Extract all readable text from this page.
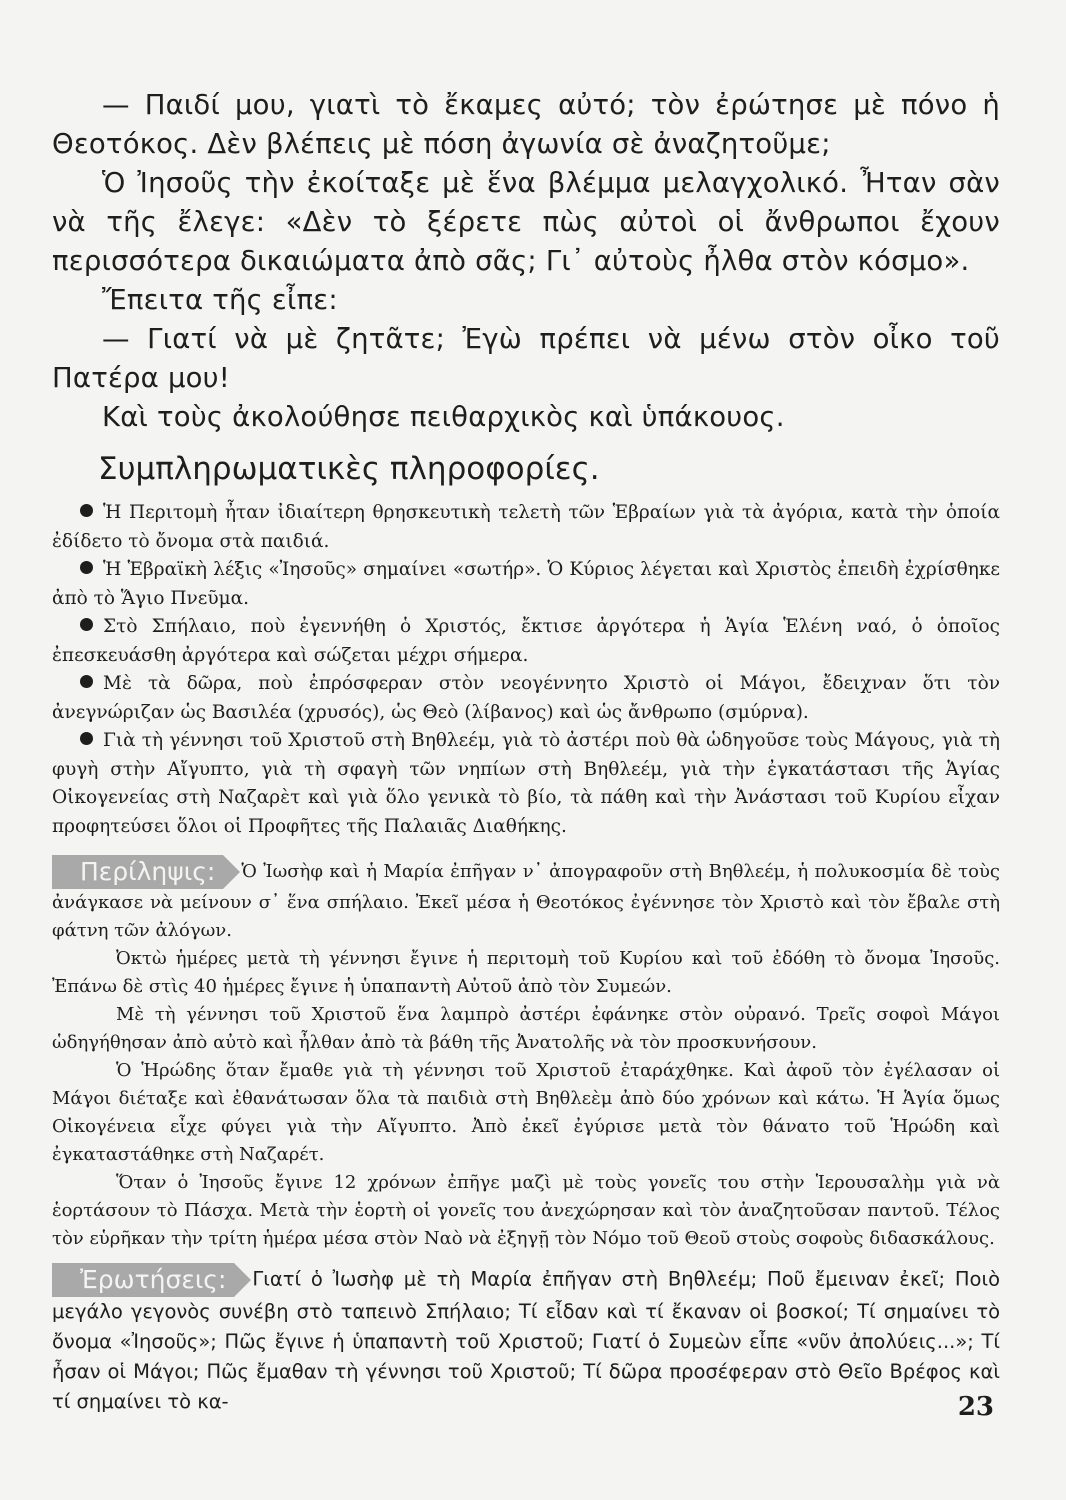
— Παιδί μου, γιατὶ τὸ ἔκαμες αὐτό; τὸν ἐρώτησε μὲ πόνο ἡ Θεοτόκος. Δὲν βλέπεις μὲ πόση ἀγωνία σὲ ἀναζητοῦμε;

Ὁ Ἰησοῦς τὴν ἐκοίταξε μὲ ἕνα βλέμμα μελαγχολικό. Ἦταν σὰν νὰ τῆς ἔλεγε: «Δὲν τὸ ξέρετε πὼς αὐτοὶ οἱ ἄνθρωποι ἔχουν περισσότερα δικαιώματα ἀπὸ σᾶς; Γι᾽ αὐτοὺς ἦλθα στὸν κόσμο».

Ἔπειτα τῆς εἶπε:

— Γιατί νὰ μὲ ζητᾶτε; Ἐγὼ πρέπει νὰ μένω στὸν οἶκο τοῦ Πατέρα μου!

Καὶ τοὺς ἀκολούθησε πειθαρχικὸς καὶ ὑπάκουος.

Συμπληρωματικὲς πληροφορίες.

Ἡ Περιτομὴ ἦταν ἰδιαίτερη θρησκευτικὴ τελετὴ τῶν Ἑβραίων γιὰ τὰ ἀγόρια, κατὰ τὴν ὁποία ἐδίδετο τὸ ὄνομα στὰ παιδιά.

Ἡ Ἑβραϊκὴ λέξις «Ἰησοῦς» σημαίνει «σωτήρ». Ὁ Κύριος λέγεται καὶ Χριστὸς ἐπειδὴ ἐχρίσθηκε ἀπὸ τὸ Ἅγιο Πνεῦμα.

Στὸ Σπήλαιο, ποὺ ἐγεννήθη ὁ Χριστός, ἔκτισε ἀργότερα ἡ Ἁγία Ἑλένη ναό, ὁ ὁποῖος ἐπεσκευάσθη ἀργότερα καὶ σώζεται μέχρι σήμερα.

Μὲ τὰ δῶρα, ποὺ ἐπρόσφεραν στὸν νεογέννητο Χριστὸ οἱ Μάγοι, ἔδειχναν ὅτι τὸν ἀνεγνώριζαν ὡς Βασιλέα (χρυσός), ὡς Θεὸ (λίβανος) καὶ ὡς ἄνθρωπο (σμύρνα).

Γιὰ τὴ γέννησι τοῦ Χριστοῦ στὴ Βηθλεέμ, γιὰ τὸ ἀστέρι ποὺ θὰ ὡδηγοῦσε τοὺς Μάγους, γιὰ τὴ φυγὴ στὴν Αἴγυπτο, γιὰ τὴ σφαγὴ τῶν νηπίων στὴ Βηθλεέμ, γιὰ τὴν ἐγκατάστασι τῆς Ἁγίας Οἰκογενείας στὴ Ναζαρὲτ καὶ γιὰ ὅλο γενικὰ τὸ βίο, τὰ πάθη καὶ τὴν Ἀνάστασι τοῦ Κυρίου εἶχαν προφητεύσει ὅλοι οἱ Προφῆτες τῆς Παλαιᾶς Διαθήκης.

Περίληψις: Ὁ Ἰωσὴφ καὶ ἡ Μαρία ἐπῆγαν ν᾽ ἀπογραφοῦν στὴ Βηθλεέμ, ἡ πολυκοσμία δὲ τοὺς ἀνάγκασε νὰ μείνουν σ᾽ ἕνα σπήλαιο. Ἐκεῖ μέσα ἡ Θεοτόκος ἐγέννησε τὸν Χριστὸ καὶ τὸν ἔβαλε στὴ φάτνη τῶν ἀλόγων.

Ὀκτὼ ἡμέρες μετὰ τὴ γέννησι ἔγινε ἡ περιτομὴ τοῦ Κυρίου καὶ τοῦ ἐδόθη τὸ ὄνομα Ἰησοῦς. Ἐπάνω δὲ στὶς 40 ἡμέρες ἔγινε ἡ ὑπαπαντὴ Αὐτοῦ ἀπὸ τὸν Συμεών.

Μὲ τὴ γέννησι τοῦ Χριστοῦ ἕνα λαμπρὸ ἀστέρι ἐφάνηκε στὸν οὐρανό. Τρεῖς σοφοὶ Μάγοι ὡδηγήθησαν ἀπὸ αὐτὸ καὶ ἦλθαν ἀπὸ τὰ βάθη τῆς Ἀνατολῆς νὰ τὸν προσκυνήσουν.

Ὁ Ἡρώδης ὅταν ἔμαθε γιὰ τὴ γέννησι τοῦ Χριστοῦ ἐταράχθηκε. Καὶ ἀφοῦ τὸν ἐγέλασαν οἱ Μάγοι διέταξε καὶ ἐθανάτωσαν ὅλα τὰ παιδιὰ στὴ Βηθλεὲμ ἀπὸ δύο χρόνων καὶ κάτω. Ἡ Ἁγία ὅμως Οἰκογένεια εἶχε φύγει γιὰ τὴν Αἴγυπτο. Ἀπὸ ἐκεῖ ἐγύρισε μετὰ τὸν θάνατο τοῦ Ἡρώδη καὶ ἐγκαταστάθηκε στὴ Ναζαρέτ.

Ὅταν ὁ Ἰησοῦς ἔγινε 12 χρόνων ἐπῆγε μαζὶ μὲ τοὺς γονεῖς του στὴν Ἱερουσαλὴμ γιὰ νὰ ἑορτάσουν τὸ Πάσχα. Μετὰ τὴν ἑορτὴ οἱ γονεῖς του ἀνεχώρησαν καὶ τὸν ἀναζητοῦσαν παντοῦ. Τέλος τὸν εὑρῆκαν τὴν τρίτη ἡμέρα μέσα στὸν Ναὸ νὰ ἐξηγῇ τὸν Νόμο τοῦ Θεοῦ στοὺς σοφοὺς διδασκάλους.

Ἐρωτήσεις: Γιατί ὁ Ἰωσὴφ μὲ τὴ Μαρία ἐπῆγαν στὴ Βηθλεέμ; Ποῦ ἔμειναν ἐκεῖ; Ποιὸ μεγάλο γεγονὸς συνέβη στὸ ταπεινὸ Σπήλαιο; Τί εἶδαν καὶ τί ἔκαναν οἱ βοσκοί; Τί σημαίνει τὸ ὄνομα «Ἰησοῦς»; Πῶς ἔγινε ἡ ὑπαπαντὴ τοῦ Χριστοῦ; Γιατί ὁ Συμεὼν εἶπε «νῦν ἀπολύεις...»; Τί ἦσαν οἱ Μάγοι; Πῶς ἔμαθαν τὴ γέννησι τοῦ Χριστοῦ; Τί δῶρα προσέφεραν στὸ Θεῖο Βρέφος καὶ τί σημαίνει τὸ κα-	23
